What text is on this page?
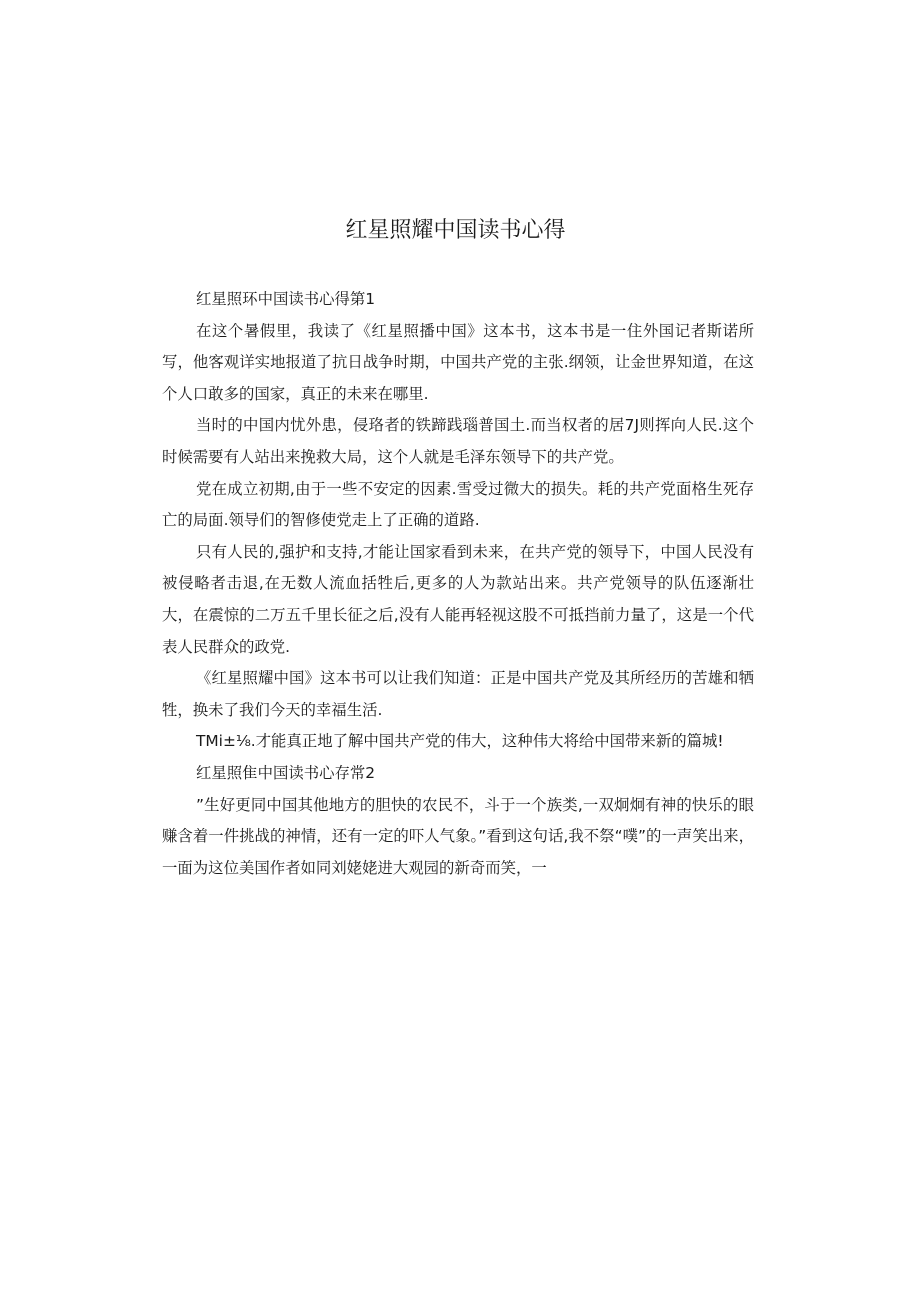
红星照耀中国读书心得

红星照环中国读书心得第1

在这个暑假里，我读了《红星照播中国》这本书，这本书是一住外国记者斯诺所写，他客观详实地报道了抗日战争时期，中国共产党的主张.纲领，让金世界知道，在这个人口敢多的国家，真正的未来在哪里.

当时的中国内忧外患，侵珞者的铁蹄践瑙普国土.而当权者的居7J则挥向人民.这个时候需要有人站出来挽救大局，这个人就是毛泽东领导下的共产党。

党在成立初期,由于一些不安定的因素.雪受过微大的损失。耗的共产党面格生死存亡的局面.领导们的智修使党走上了正确的道路.

只有人民的,强护和支持,才能让国家看到未来，在共产党的领导下，中国人民没有被侵略者击退,在无数人流血括牲后,更多的人为款站出来。共产党领导的队伍逐渐壮大，在震惊的二万五千里长征之后,没有人能再轻视这股不可抵挡前力量了，这是一个代表人民群众的政党.

《红星照耀中国》这本书可以让我们知道：正是中国共产党及其所经历的苦雄和牺牲，换未了我们今天的幸福生活.

TMi±⅛.才能真正地了解中国共产党的伟大，这种伟大将给中国带来新的篇城!

红星照隹中国读书心存常2

”生好更同中国其他地方的胆快的农民不，斗于一个族类,一双炯炯有神的快乐的眼赚含着一件挑战的神情，还有一定的吓人气象。”看到这句话,我不祭“噗”的一声笑出来，一面为这位美国作者如同刘姥姥进大观园的新奇而笑，一
